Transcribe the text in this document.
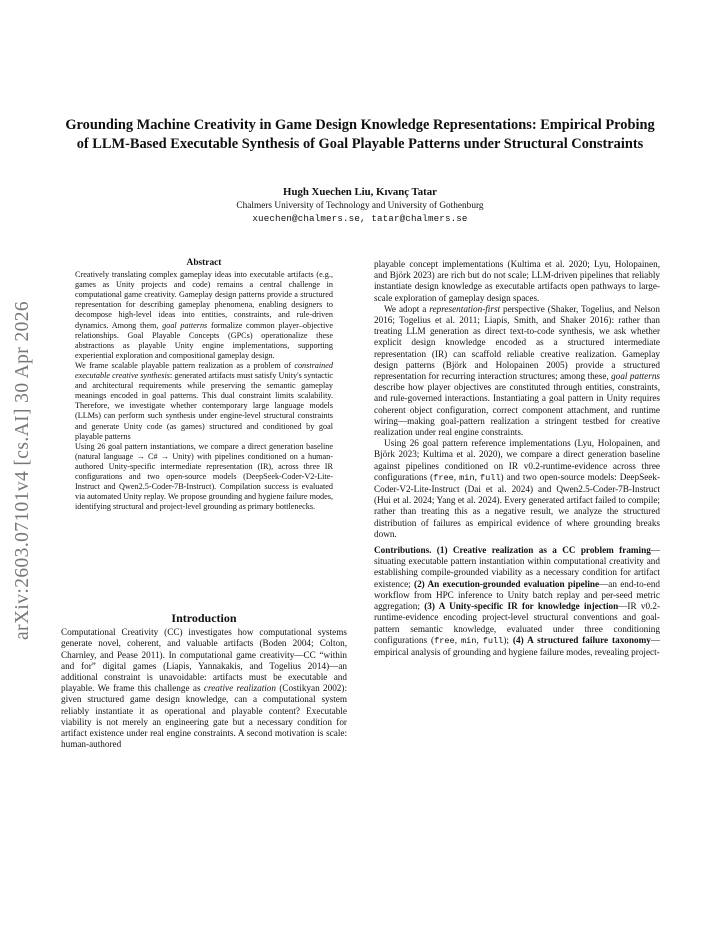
arXiv:2603.07101v4 [cs.AI] 30 Apr 2026
Grounding Machine Creativity in Game Design Knowledge Representations: Empirical Probing of LLM-Based Executable Synthesis of Goal Playable Patterns under Structural Constraints
Hugh Xuechen Liu, Kıvanç Tatar
Chalmers University of Technology and University of Gothenburg
xuechen@chalmers.se, tatar@chalmers.se
Abstract

Creatively translating complex gameplay ideas into executable artifacts (e.g., games as Unity projects and code) remains a central challenge in computational game creativity. Gameplay design patterns provide a structured representation for describing gameplay phenomena, enabling designers to decompose high-level ideas into entities, constraints, and rule-driven dynamics. Among them, goal patterns formalize common player–objective relationships. Goal Playable Concepts (GPCs) operationalize these abstractions as playable Unity engine implementations, supporting experiential exploration and compositional gameplay design.

We frame scalable playable pattern realization as a problem of constrained executable creative synthesis: generated artifacts must satisfy Unity's syntactic and architectural requirements while preserving the semantic gameplay meanings encoded in goal patterns. This dual constraint limits scalability. Therefore, we investigate whether contemporary large language models (LLMs) can perform such synthesis under engine-level structural constraints and generate Unity code (as games) structured and conditioned by goal playable patterns

Using 26 goal pattern instantiations, we compare a direct generation baseline (natural language → C# → Unity) with pipelines conditioned on a human-authored Unity-specific intermediate representation (IR), across three IR configurations and two open-source models (DeepSeek-Coder-V2-Lite-Instruct and Qwen2.5-Coder-7B-Instruct). Compilation success is evaluated via automated Unity replay. We propose grounding and hygiene failure modes, identifying structural and project-level grounding as primary bottlenecks.

Introduction

Computational Creativity (CC) investigates how computational systems generate novel, coherent, and valuable artifacts (Boden 2004; Colton, Charnley, and Pease 2011). In computational game creativity—CC “within and for” digital games (Liapis, Yannakakis, and Togelius 2014)—an additional constraint is unavoidable: artifacts must be executable and playable. We frame this challenge as creative realization (Costikyan 2002): given structured game design knowledge, can a computational system reliably instantiate it as operational and playable content? Executable viability is not merely an engineering gate but a necessary condition for artifact existence under real engine constraints. A second motivation is scale: human-authored

playable concept implementations (Kultima et al. 2020; Lyu, Holopainen, and Björk 2023) are rich but do not scale; LLM-driven pipelines that reliably instantiate design knowledge as executable artifacts open pathways to large-scale exploration of gameplay design spaces.

We adopt a representation-first perspective (Shaker, Togelius, and Nelson 2016; Togelius et al. 2011; Liapis, Smith, and Shaker 2016): rather than treating LLM generation as direct text-to-code synthesis, we ask whether explicit design knowledge encoded as a structured intermediate representation (IR) can scaffold reliable creative realization. Gameplay design patterns (Björk and Holopainen 2005) provide a structured representation for recurring interaction structures; among these, goal patterns describe how player objectives are constituted through entities, constraints, and rule-governed interactions. Instantiating a goal pattern in Unity requires coherent object configuration, correct component attachment, and runtime wiring—making goal-pattern realization a stringent testbed for creative realization under real engine constraints.

Using 26 goal pattern reference implementations (Lyu, Holopainen, and Björk 2023; Kultima et al. 2020), we compare a direct generation baseline against pipelines conditioned on IR v0.2-runtime-evidence across three configurations (free, min, full) and two open-source models: DeepSeek-Coder-V2-Lite-Instruct (Dai et al. 2024) and Qwen2.5-Coder-7B-Instruct (Hui et al. 2024; Yang et al. 2024). Every generated artifact failed to compile; rather than treating this as a negative result, we analyze the structured distribution of failures as empirical evidence of where grounding breaks down.

Contributions. (1) Creative realization as a CC problem framing—situating executable pattern instantiation within computational creativity and establishing compile-grounded viability as a necessary condition for artifact existence; (2) An execution-grounded evaluation pipeline—an end-to-end workflow from HPC inference to Unity batch replay and per-seed metric aggregation; (3) A Unity-specific IR for knowledge injection—IR v0.2-runtime-evidence encoding project-level structural conventions and goal-pattern semantic knowledge, evaluated under three conditioning configurations (free, min, full); (4) A structured failure taxonomy—empirical analysis of grounding and hygiene failure modes, revealing project-
